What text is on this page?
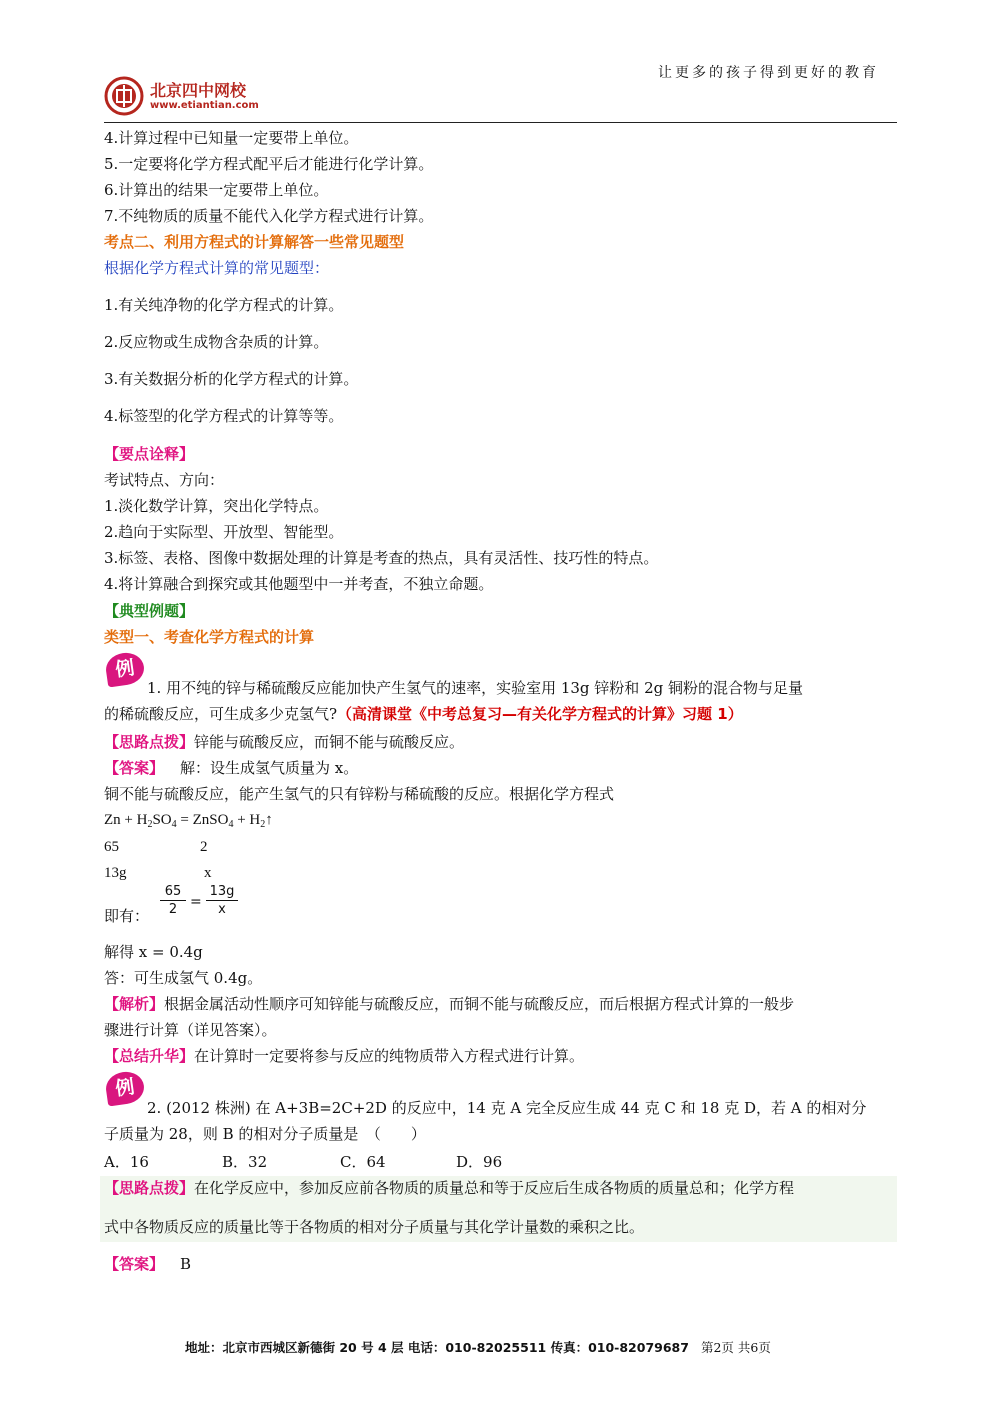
让更多的孩子得到更好的教育
北京四中网校
www.etiantian.com
4.计算过程中已知量一定要带上单位。
5.一定要将化学方程式配平后才能进行化学计算。
6.计算出的结果一定要带上单位。
7.不纯物质的质量不能代入化学方程式进行计算。
考点二、利用方程式的计算解答一些常见题型
根据化学方程式计算的常见题型：
1.有关纯净物的化学方程式的计算。
2.反应物或生成物含杂质的计算。
3.有关数据分析的化学方程式的计算。
4.标签型的化学方程式的计算等等。
【要点诠释】
考试特点、方向：
1.淡化数学计算，突出化学特点。
2.趋向于实际型、开放型、智能型。
3.标签、表格、图像中数据处理的计算是考查的热点，具有灵活性、技巧性的特点。
4.将计算融合到探究或其他题型中一并考查，不独立命题。
【典型例题】
类型一、考查化学方程式的计算
例
1. 用不纯的锌与稀硫酸反应能加快产生氢气的速率，实验室用 13g 锌粉和 2g 铜粉的混合物与足量
的稀硫酸反应，可生成多少克氢气?（高清课堂《中考总复习—有关化学方程式的计算》习题 1）
【思路点拨】锌能与硫酸反应，而铜不能与硫酸反应。
【答案】 解：设生成氢气质量为 x。
铜不能与硫酸反应，能产生氢气的只有锌粉与稀硫酸的反应。根据化学方程式
$Zn + H_2SO_4$ = ZnSO$_4$ + $H_2↑$
65	2
13g	x
即有：
65
2 =
13g
x
解得 x = 0.4g
答：可生成氢气 0.4g。
【解析】根据金属活动性顺序可知锌能与硫酸反应，而铜不能与硫酸反应，而后根据方程式计算的一般步
骤进行计算（详见答案）。
【总结升华】在计算时一定要将参与反应的纯物质带入方程式进行计算。
例
2. (2012 株洲) 在 A+3B=2C+2D 的反应中，14 克 A 完全反应生成 44 克 C 和 18 克 D，若 A 的相对分
子质量为 28，则 B 的相对分子质量是　（　　）
A．16	B．32	C．64	D．96
【思路点拨】在化学反应中，参加反应前各物质的质量总和等于反应后生成各物质的质量总和；化学方程
式中各物质反应的质量比等于各物质的相对分子质量与其化学计量数的乘积之比。
【答案】 B
地址：北京市西城区新德街 20 号 4 层 电话：010-82025511 传真：010-82079687 第2页 共6页
